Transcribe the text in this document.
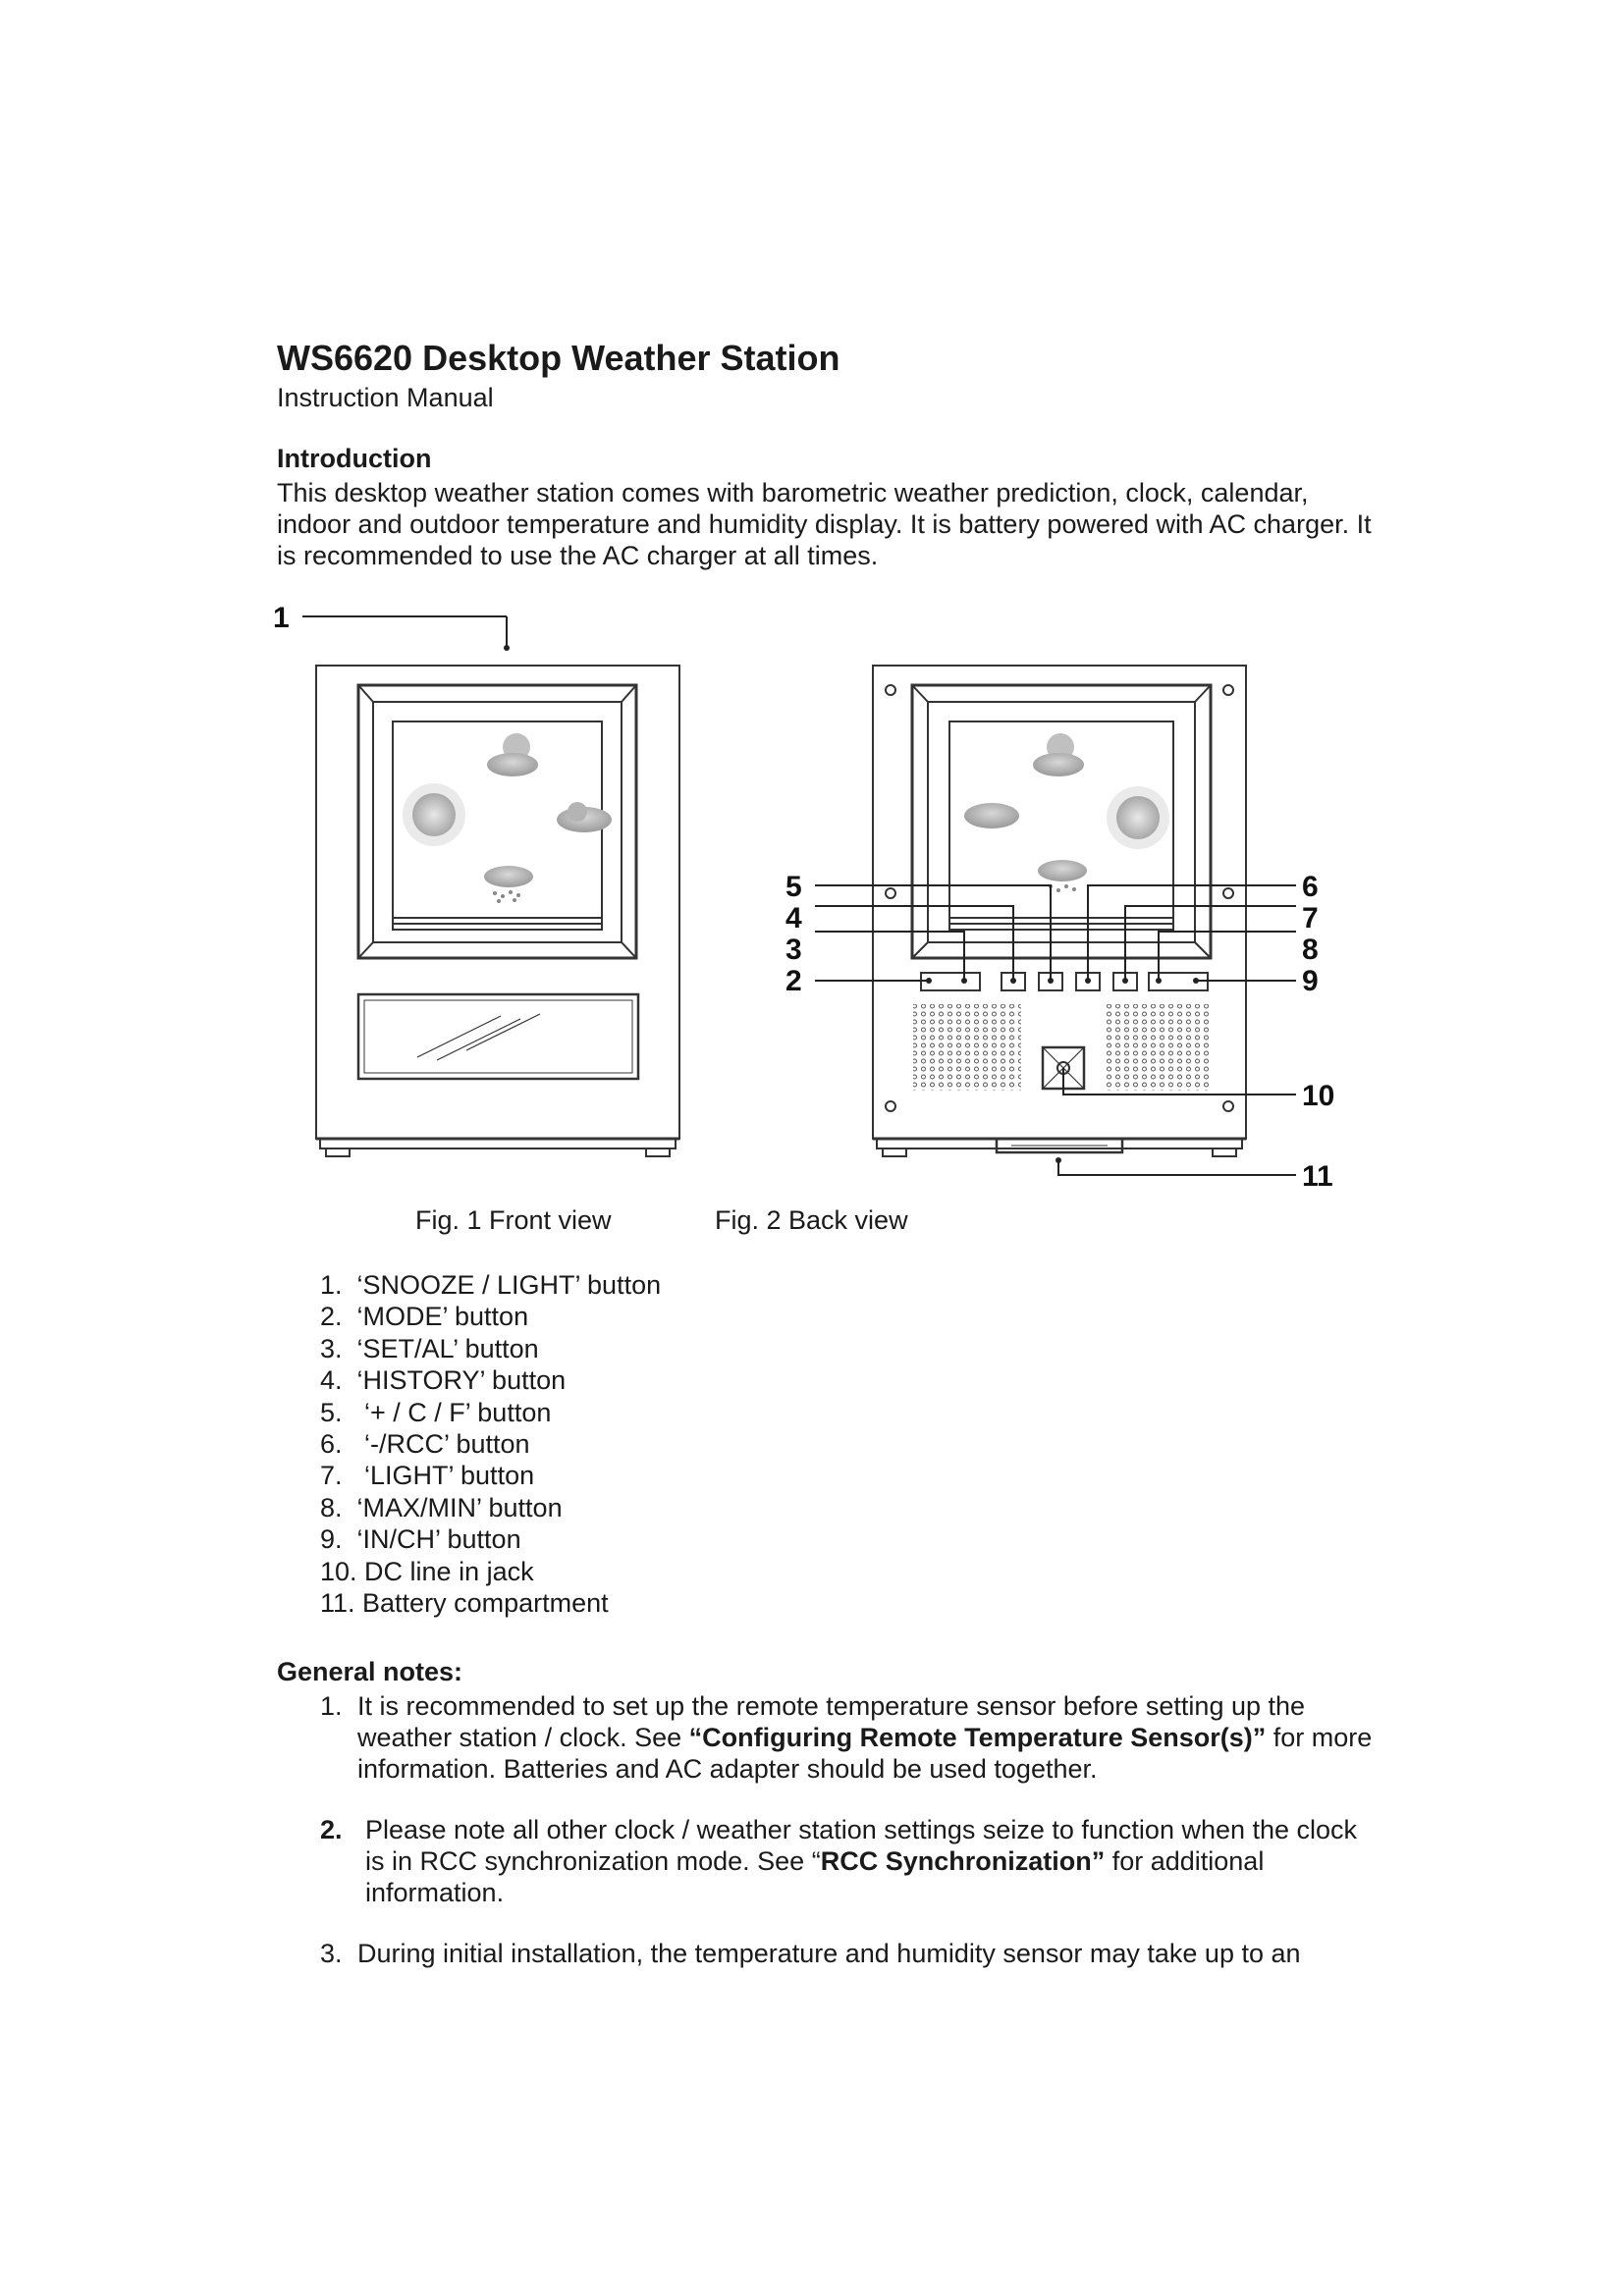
WS6620 Desktop Weather Station
Instruction Manual
Introduction
This desktop weather station comes with barometric weather prediction, clock, calendar, indoor and outdoor temperature and humidity display. It is battery powered with AC charger. It is recommended to use the AC charger at all times.
1
5
4
3
2
6
7
8
9
10
11
Fig. 1 Front view	Fig. 2 Back view
1.  ‘SNOOZE / LIGHT’ button
2.  ‘MODE’ button
3.  ‘SET/AL’ button
4.  ‘HISTORY’ button
5.   ‘+ / C / F’ button
6.   ‘-/RCC’ button
7.   ‘LIGHT’ button
8.  ‘MAX/MIN’ button
9.  ‘IN/CH’ button
10. DC line in jack
11. Battery compartment
General notes:
1. It is recommended to set up the remote temperature sensor before setting up the weather station / clock. See “Configuring Remote Temperature Sensor(s)” for more information. Batteries and AC adapter should be used together.
2. Please note all other clock / weather station settings seize to function when the clock is in RCC synchronization mode. See “RCC Synchronization” for additional information.
3. During initial installation, the temperature and humidity sensor may take up to an
